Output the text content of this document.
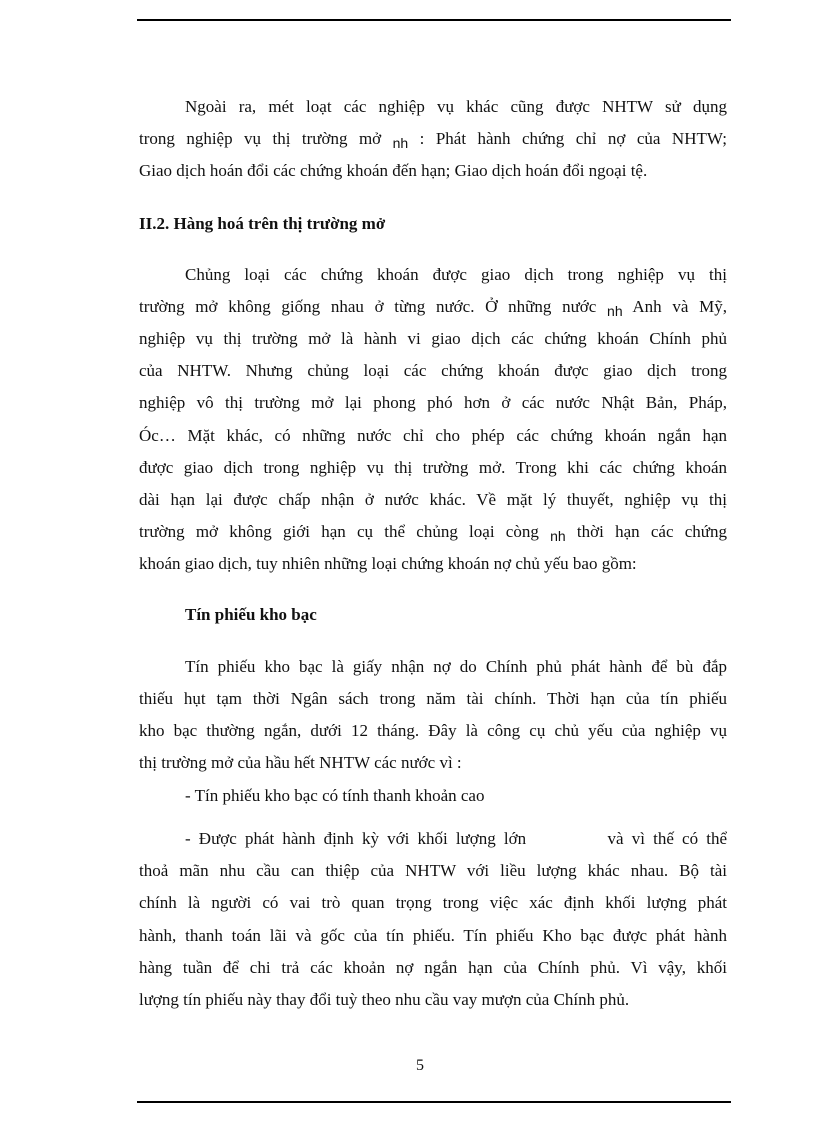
Ngoài ra, mét loạt các nghiệp vụ khác cũng được NHTW sử dụng
trong nghiệp vụ thị trường mở $_{nh}$ : Phát hành chứng chỉ nợ của NHTW;
Giao dịch hoán đổi các chứng khoán đến hạn; Giao dịch hoán đổi ngoại tệ.
II.2. Hàng hoá trên thị trường mở
Chủng loại các chứng khoán được giao dịch trong nghiệp vụ thị
trường mở không giống nhau ở từng nước. Ở những nước $_{nh}$ Anh và Mỹ,
nghiệp vụ thị trường mở là hành vi giao dịch các chứng khoán Chính phủ
của NHTW. Nhưng chủng loại các chứng khoán được giao dịch trong
nghiệp vô thị trường mở lại phong phó hơn ở các nước Nhật Bản, Pháp,
Óc… Mặt khác, có những nước chỉ cho phép các chứng khoán ngắn hạn
được giao dịch trong nghiệp vụ thị trường mở. Trong khi các chứng khoán
dài hạn lại được chấp nhận ở nước khác. Về mặt lý thuyết, nghiệp vụ thị
trường mở không giới hạn cụ thể chủng loại còng $_{nh}$ thời hạn các chứng
khoán giao dịch, tuy nhiên những loại chứng khoán nợ chủ yếu bao gồm:
Tín phiếu kho bạc
Tín phiếu kho bạc là giấy nhận nợ do Chính phủ phát hành để bù đắp
thiếu hụt tạm thời Ngân sách trong năm tài chính. Thời hạn của tín phiếu
kho bạc thường ngắn, dưới 12 tháng. Đây là công cụ chủ yếu của nghiệp vụ
thị trường mở của hầu hết NHTW các nước vì :
- Tín phiếu kho bạc có tính thanh khoản cao
- Được phát hành định kỳ với khối lượng lớn          và vì thế có thể
thoả mãn nhu cầu can thiệp của NHTW với liều lượng khác nhau. Bộ tài
chính là người có vai trò quan trọng trong việc xác định khối lượng phát
hành, thanh toán lãi và gốc của tín phiếu. Tín phiếu Kho bạc được phát hành
hàng tuần để chi trả các khoản nợ ngắn hạn của Chính phủ. Vì vậy, khối
lượng tín phiếu này thay đổi tuỳ theo nhu cầu vay mượn của Chính phủ.
5
